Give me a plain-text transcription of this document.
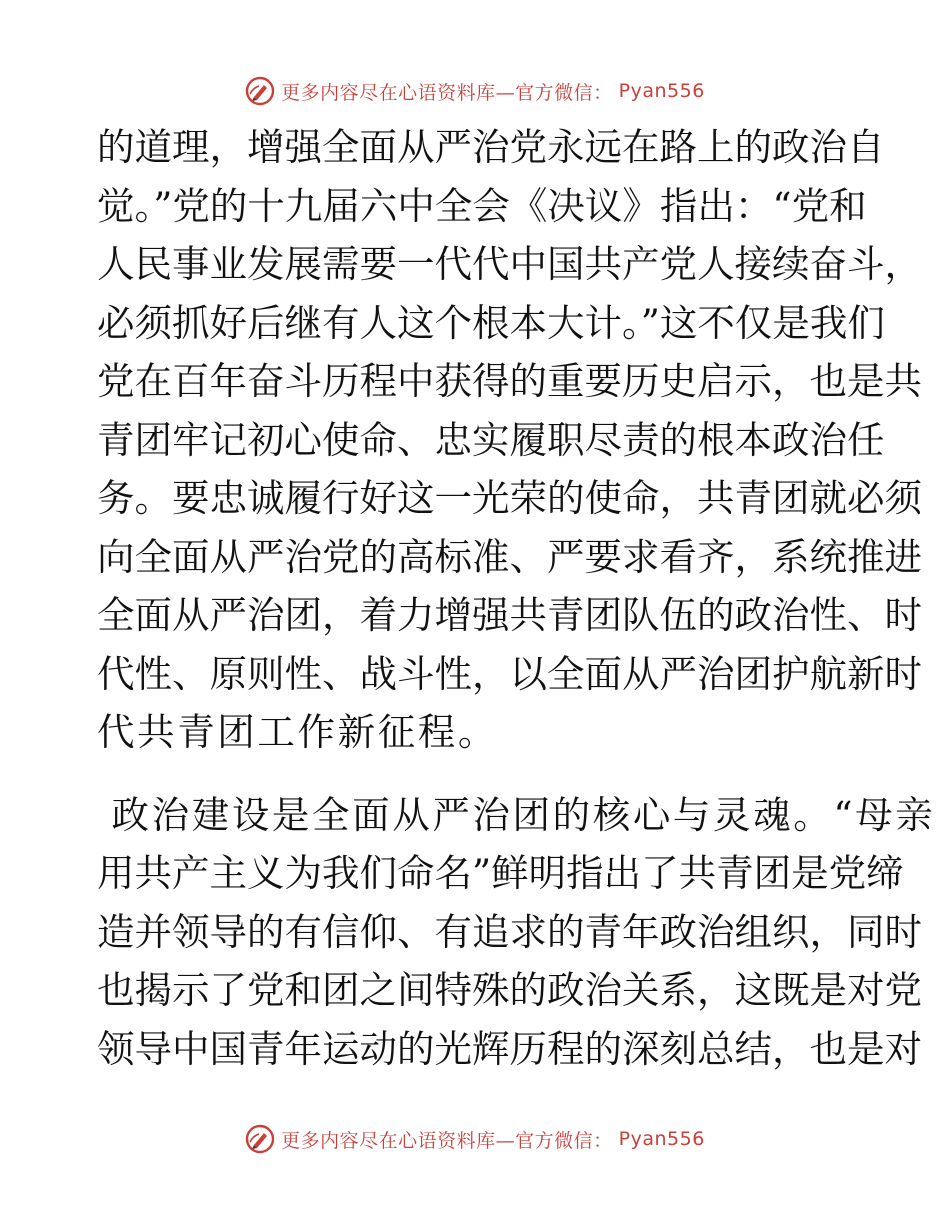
更多内容尽在心语资料库—官方微信： Pyan556
的道理，增强全面从严治党永远在路上的政治自
觉。”党的十九届六中全会《决议》指出：“党和
人民事业发展需要一代代中国共产党人接续奋斗，
必须抓好后继有人这个根本大计。”这不仅是我们
党在百年奋斗历程中获得的重要历史启示，也是共
青团牢记初心使命、忠实履职尽责的根本政治任
务。要忠诚履行好这一光荣的使命，共青团就必须
向全面从严治党的高标准、严要求看齐，系统推进
全面从严治团，着力增强共青团队伍的政治性、时
代性、原则性、战斗性，以全面从严治团护航新时
代共青团工作新征程。
政治建设是全面从严治团的核心与灵魂。“母亲
用共产主义为我们命名”鲜明指出了共青团是党缔
造并领导的有信仰、有追求的青年政治组织，同时
也揭示了党和团之间特殊的政治关系，这既是对党
领导中国青年运动的光辉历程的深刻总结，也是对
更多内容尽在心语资料库—官方微信： Pyan556
